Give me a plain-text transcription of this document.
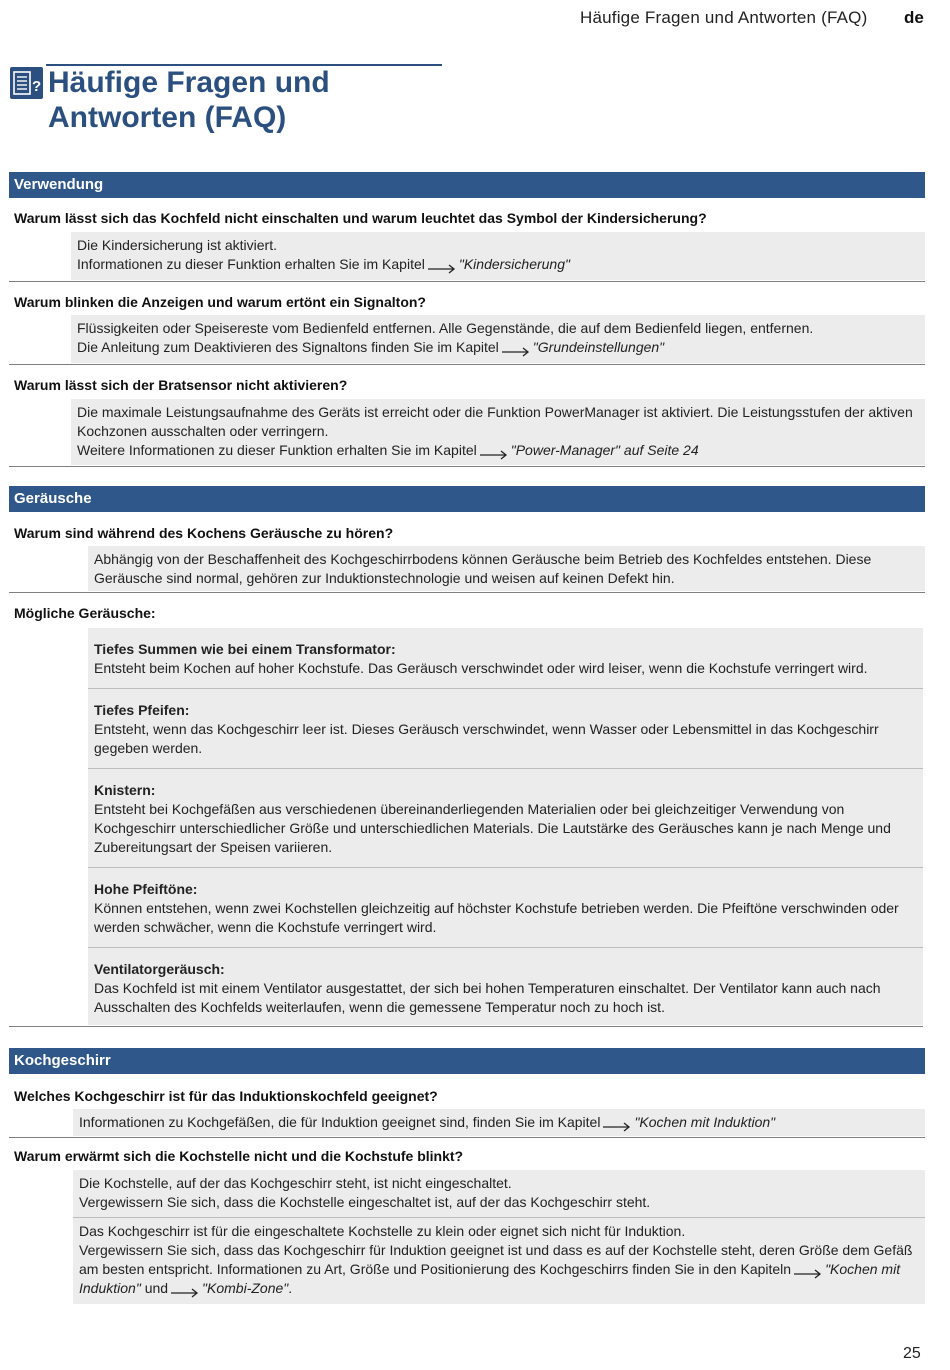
Häufige Fragen und Antworten (FAQ) de
? Häufige Fragen und
Antworten (FAQ)
Verwendung
Warum lässt sich das Kochfeld nicht einschalten und warum leuchtet das Symbol der Kindersicherung?

Die Kindersicherung ist aktiviert.

Informationen zu dieser Funktion erhalten Sie im Kapitel "Kindersicherung"

Warum blinken die Anzeigen und warum ertönt ein Signalton?

Flüssigkeiten oder Speisereste vom Bedienfeld entfernen. Alle Gegenstände, die auf dem Bedienfeld liegen, entfernen.

Die Anleitung zum Deaktivieren des Signaltons finden Sie im Kapitel "Grundeinstellungen"

Warum lässt sich der Bratsensor nicht aktivieren?

Die maximale Leistungsaufnahme des Geräts ist erreicht oder die Funktion PowerManager ist aktiviert. Die Leistungsstufen der aktiven Kochzonen ausschalten oder verringern.

Weitere Informationen zu dieser Funktion erhalten Sie im Kapitel "Power-Manager" auf Seite 24

Geräusche
Warum sind während des Kochens Geräusche zu hören?

Abhängig von der Beschaffenheit des Kochgeschirrbodens können Geräusche beim Betrieb des Kochfeldes entstehen. Diese Geräusche sind normal, gehören zur Induktionstechnologie und weisen auf keinen Defekt hin.

Mögliche Geräusche:

Tiefes Summen wie bei einem Transformator:

Entsteht beim Kochen auf hoher Kochstufe. Das Geräusch verschwindet oder wird leiser, wenn die Kochstufe verringert wird.

Tiefes Pfeifen:

Entsteht, wenn das Kochgeschirr leer ist. Dieses Geräusch verschwindet, wenn Wasser oder Lebensmittel in das Kochgeschirr gegeben werden.

Knistern:

Entsteht bei Kochgefäßen aus verschiedenen übereinanderliegenden Materialien oder bei gleichzeitiger Verwendung von Kochgeschirr unterschiedlicher Größe und unterschiedlichen Materials. Die Lautstärke des Geräusches kann je nach Menge und Zubereitungsart der Speisen variieren.

Hohe Pfeiftöne:

Können entstehen, wenn zwei Kochstellen gleichzeitig auf höchster Kochstufe betrieben werden. Die Pfeiftöne verschwinden oder werden schwächer, wenn die Kochstufe verringert wird.

Ventilatorgeräusch:

Das Kochfeld ist mit einem Ventilator ausgestattet, der sich bei hohen Temperaturen einschaltet. Der Ventilator kann auch nach Ausschalten des Kochfelds weiterlaufen, wenn die gemessene Temperatur noch zu hoch ist.

Kochgeschirr
Welches Kochgeschirr ist für das Induktionskochfeld geeignet?

Informationen zu Kochgefäßen, die für Induktion geeignet sind, finden Sie im Kapitel "Kochen mit Induktion"

Warum erwärmt sich die Kochstelle nicht und die Kochstufe blinkt?

Die Kochstelle, auf der das Kochgeschirr steht, ist nicht eingeschaltet.

Vergewissern Sie sich, dass die Kochstelle eingeschaltet ist, auf der das Kochgeschirr steht.

Das Kochgeschirr ist für die eingeschaltete Kochstelle zu klein oder eignet sich nicht für Induktion.

Vergewissern Sie sich, dass das Kochgeschirr für Induktion geeignet ist und dass es auf der Kochstelle steht, deren Größe dem Gefäß am besten entspricht. Informationen zu Art, Größe und Positionierung des Kochgeschirrs finden Sie in den Kapiteln "Kochen mit Induktion" und "Kombi-Zone".

25
